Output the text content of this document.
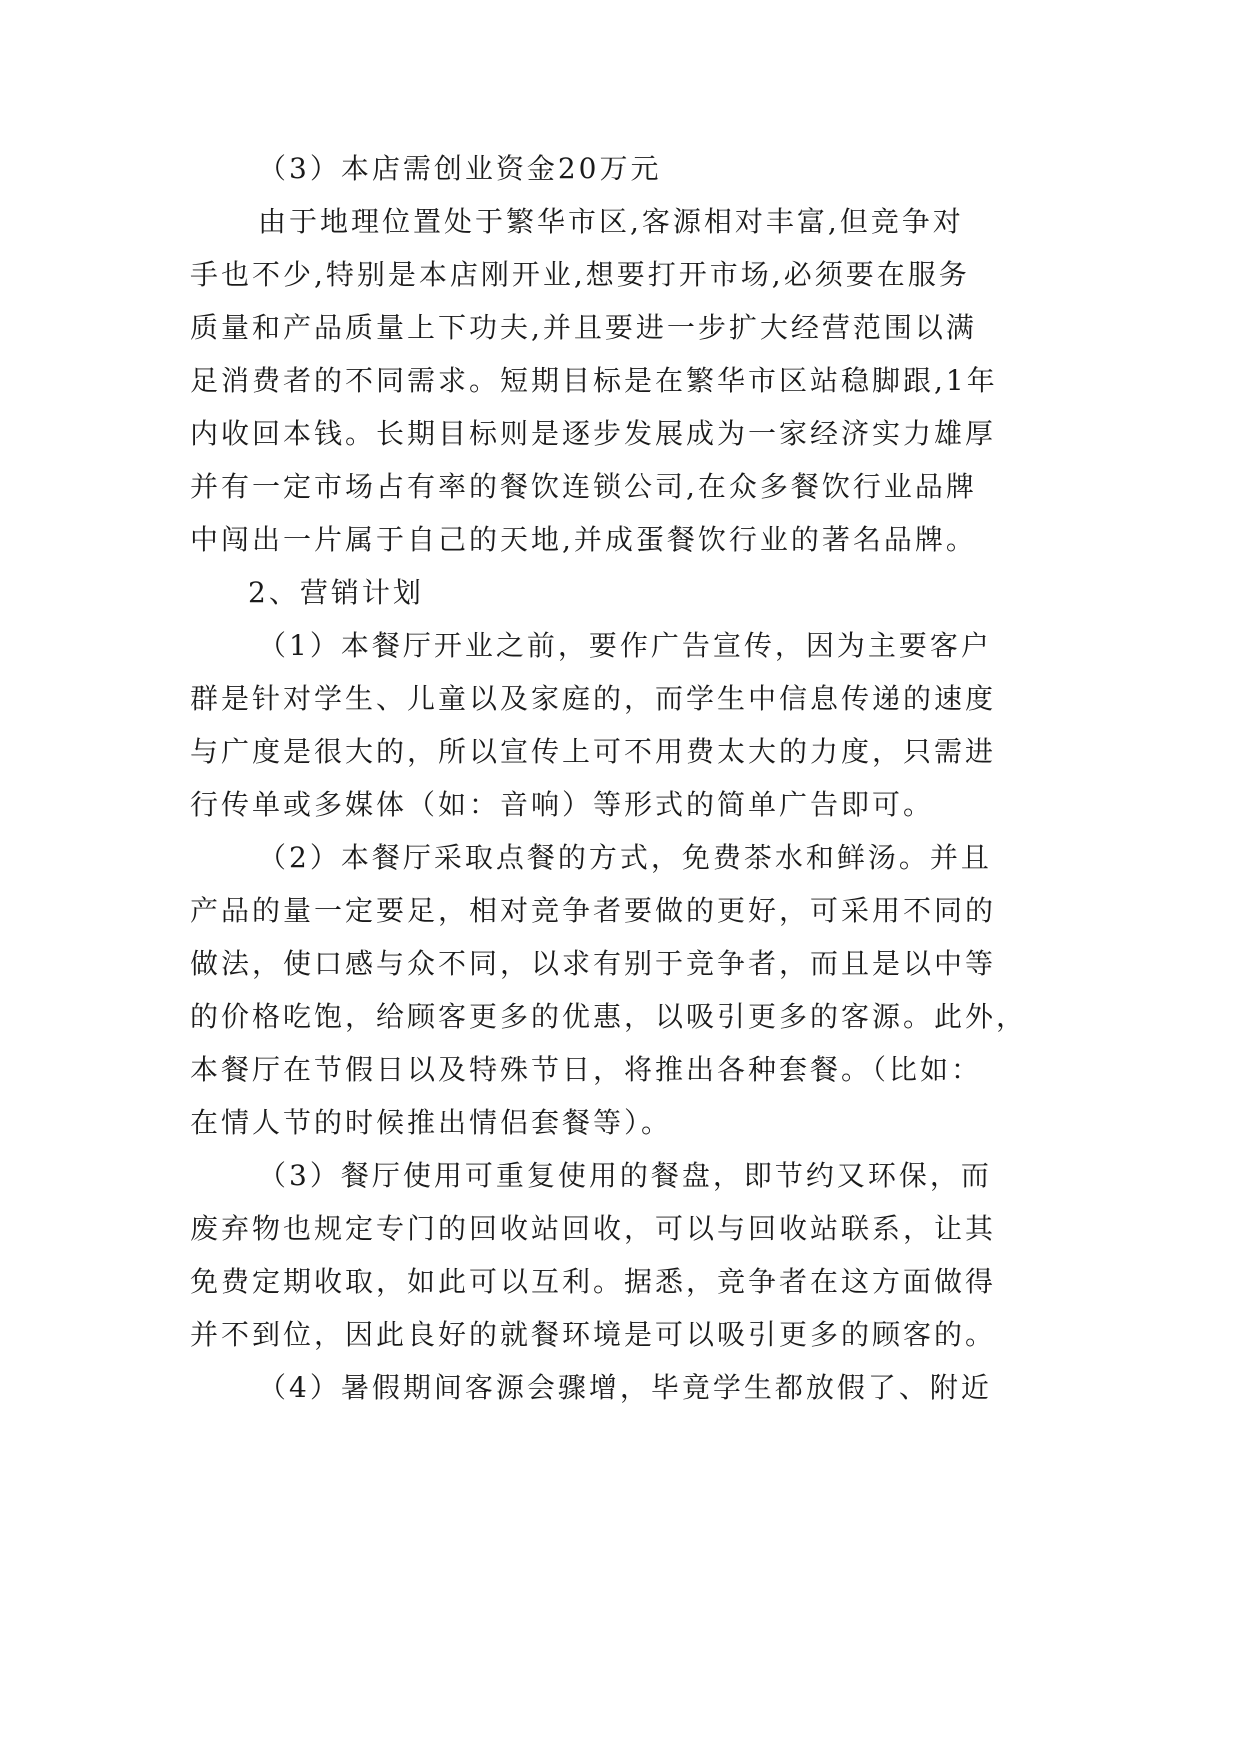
（3）本店需创业资金20万元
由于地理位置处于繁华市区,客源相对丰富,但竞争对
手也不少,特别是本店刚开业,想要打开市场,必须要在服务
质量和产品质量上下功夫,并且要进一步扩大经营范围以满
足消费者的不同需求。短期目标是在繁华市区站稳脚跟,1年
内收回本钱。长期目标则是逐步发展成为一家经济实力雄厚
并有一定市场占有率的餐饮连锁公司,在众多餐饮行业品牌
中闯出一片属于自己的天地,并成蛋餐饮行业的著名品牌。
2、营销计划
（1）本餐厅开业之前，要作广告宣传，因为主要客户
群是针对学生、儿童以及家庭的，而学生中信息传递的速度
与广度是很大的，所以宣传上可不用费太大的力度，只需进
行传单或多媒体（如：音响）等形式的简单广告即可。
（2）本餐厅采取点餐的方式，免费茶水和鲜汤。并且
产品的量一定要足，相对竞争者要做的更好，可采用不同的
做法，使口感与众不同，以求有别于竞争者，而且是以中等
的价格吃饱，给顾客更多的优惠，以吸引更多的客源。此外，
本餐厅在节假日以及特殊节日，将推出各种套餐。（比如：
在情人节的时候推出情侣套餐等）。
（3）餐厅使用可重复使用的餐盘，即节约又环保，而
废弃物也规定专门的回收站回收，可以与回收站联系，让其
免费定期收取，如此可以互利。据悉，竞争者在这方面做得
并不到位，因此良好的就餐环境是可以吸引更多的顾客的。
（4）暑假期间客源会骤增，毕竟学生都放假了、附近
